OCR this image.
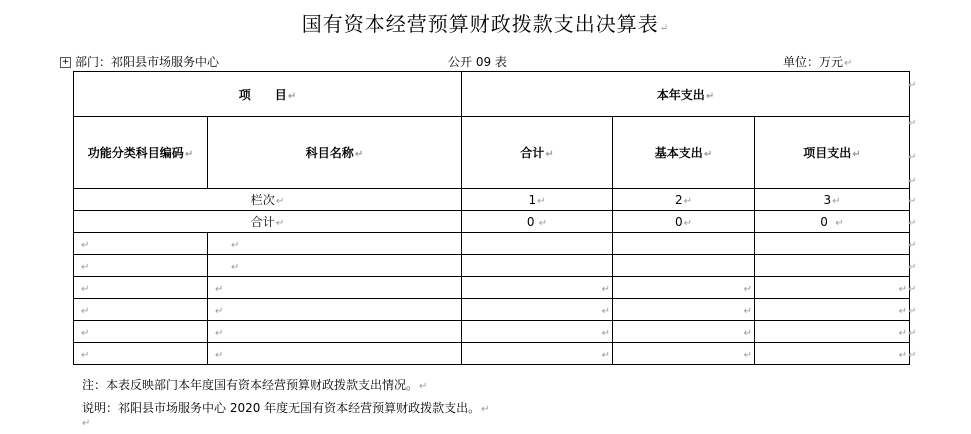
国有资本经营预算财政拨款支出决算表↵
+ 部门：祁阳县市场服务中心	公开 09 表	单位：万元↵
项　　目↵		本年支出↵		
功能分类科目编码↵	科目名称↵	合计↵	基本支出↵	项目支出↵
栏次↵		1↵	2↵	3↵
合计↵		0 ↵	0↵	0  ↵
↵	↵			
↵	↵			
↵	↵	↵	↵	↵
↵	↵	↵	↵	↵
↵	↵	↵	↵	↵
↵	↵	↵	↵	↵
↵
↵
↵
↵
↵
↵
↵
↵
↵
↵
↵
↵
注：本表反映部门本年度国有资本经营预算财政拨款支出情况。↵
说明：祁阳县市场服务中心 2020 年度无国有资本经营预算财政拨款支出。↵
↵
